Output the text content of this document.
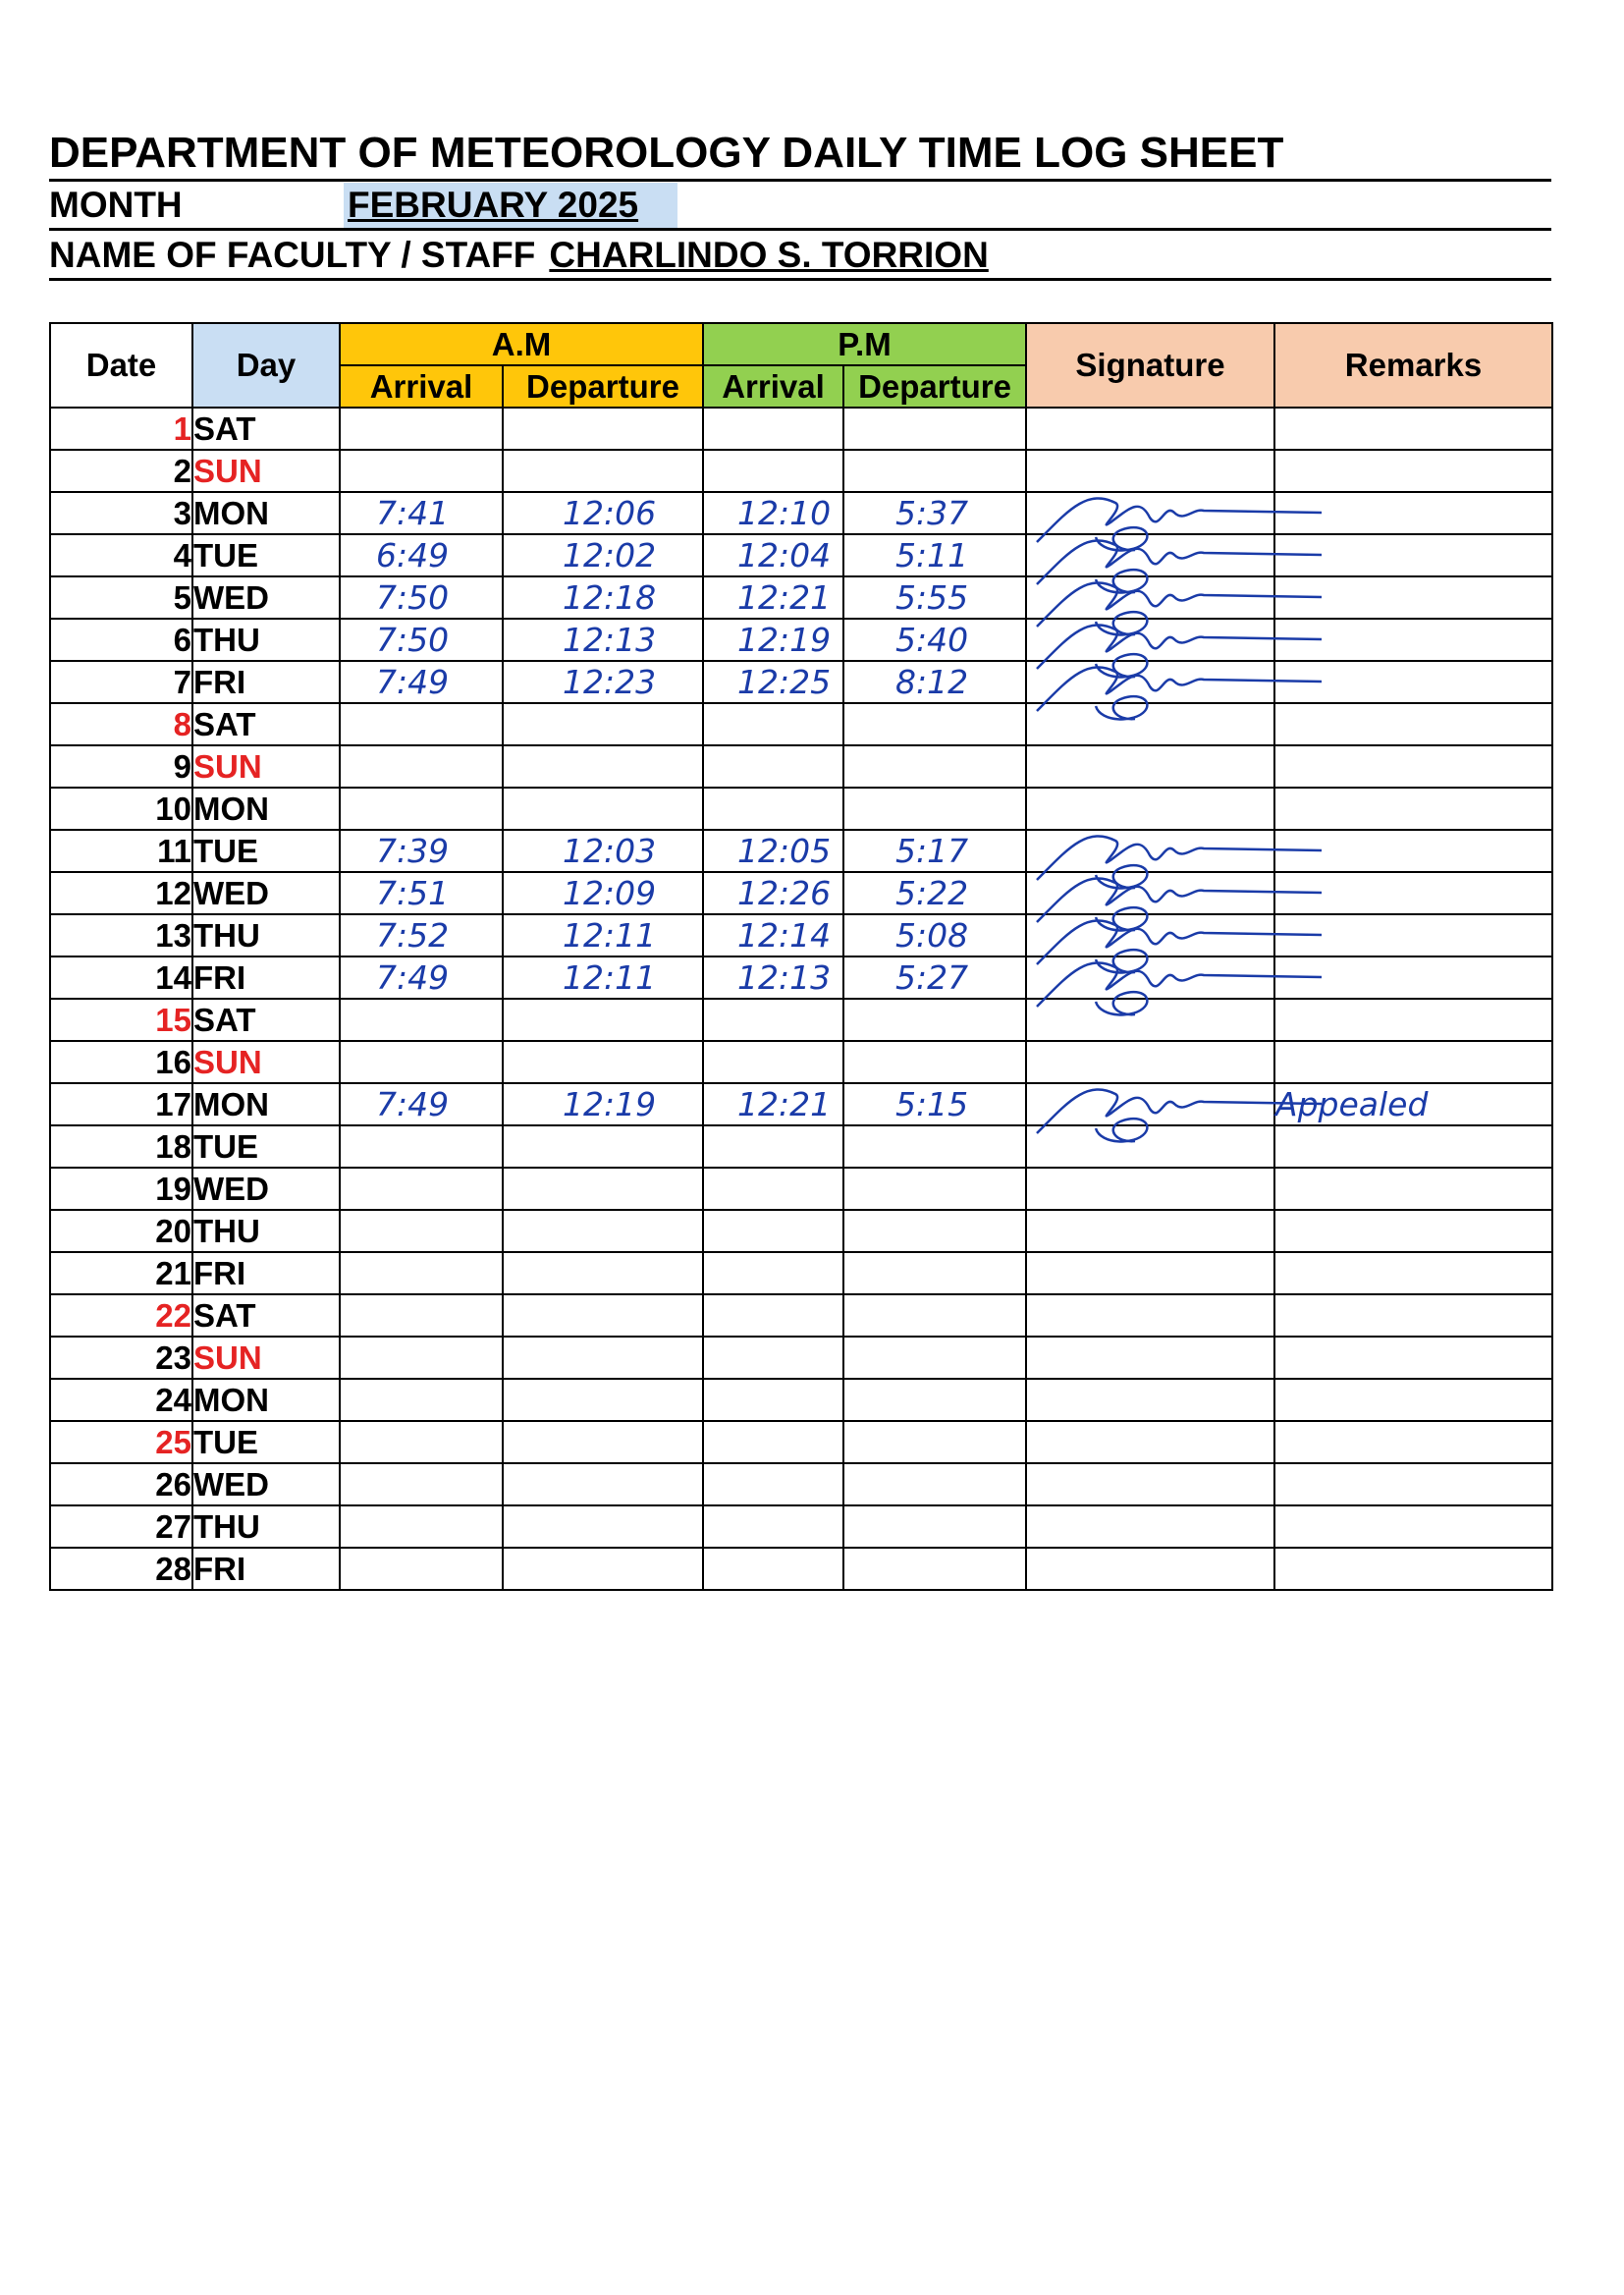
DEPARTMENT OF METEOROLOGY DAILY TIME LOG SHEET
MONTH	FEBRUARY 2025
NAME OF FACULTY / STAFF CHARLINDO S. TORRION
Date	Day	A.M		P.M		Signature	Remarks
		Arrival	Departure	Arrival	Departure		
1	SAT						
2	SUN						
3	MON	7:41	12:06	12:10	5:37	

4	TUE	6:49	12:02	12:04	5:11	

5	WED	7:50	12:18	12:21	5:55	

6	THU	7:50	12:13	12:19	5:40	

7	FRI	7:49	12:23	12:25	8:12	

8	SAT						
9	SUN						
10	MON						
11	TUE	7:39	12:03	12:05	5:17	

12	WED	7:51	12:09	12:26	5:22	

13	THU	7:52	12:11	12:14	5:08	

14	FRI	7:49	12:11	12:13	5:27	

15	SAT						
16	SUN						
17	MON	7:49	12:19	12:21	5:15		Appealed
18	TUE						
19	WED						
20	THU						
21	FRI						
22	SAT						
23	SUN						
24	MON						
25	TUE						
26	WED						
27	THU						
28	FRI						
